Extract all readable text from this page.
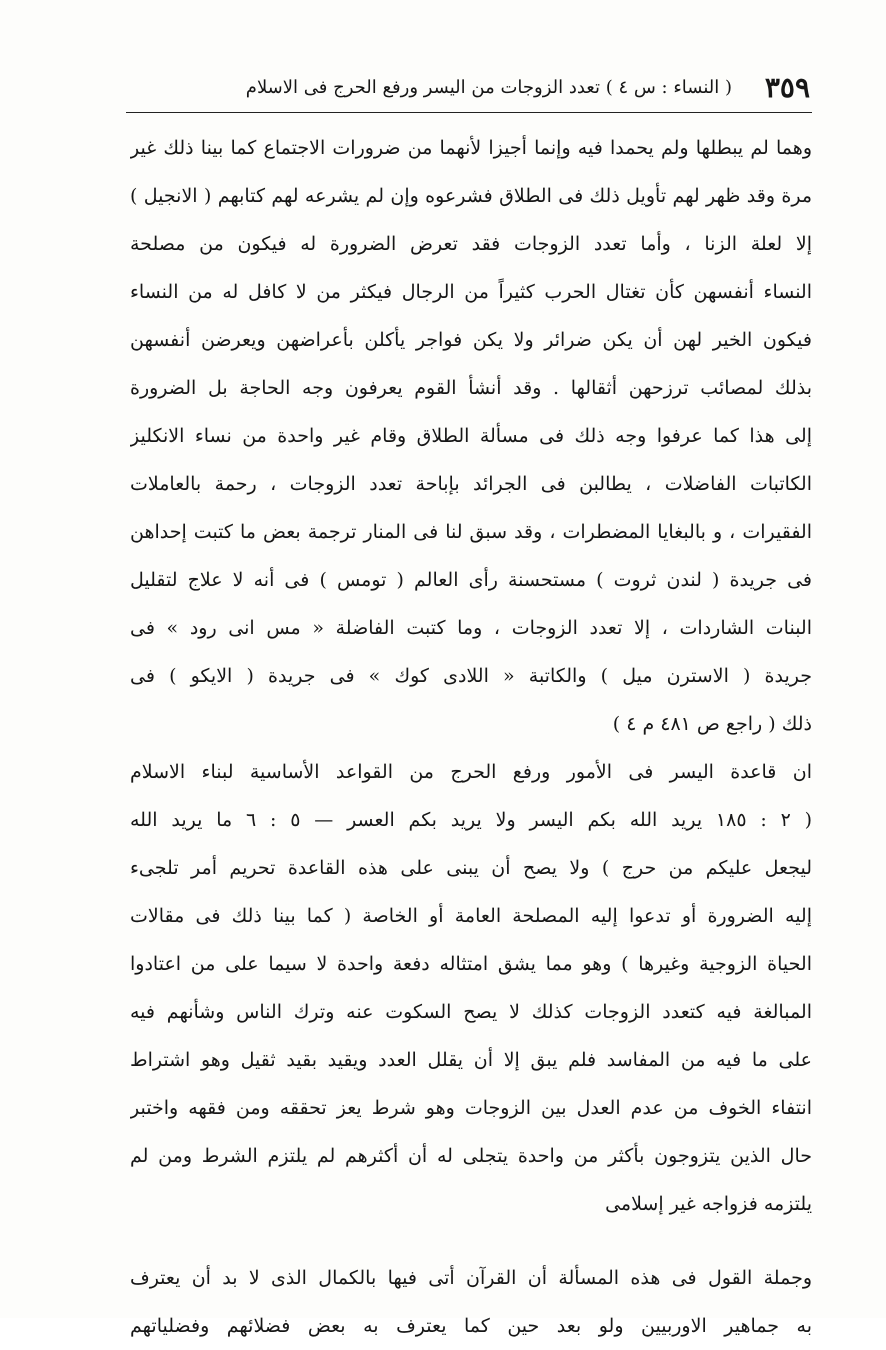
٣٥٩
( النساء : س ٤ ) تعدد الزوجات من اليسر ورفع الحرج فى الاسلام
وهما لم يبطلها ولم يحمدا فيه وإنما أجيزا لأنهما من ضرورات الاجتماع كما بينا ذلك غير
مرة وقد ظهر لهم تأويل ذلك فى الطلاق فشرعوه وإن لم يشرعه لهم كتابهم ( الانجيل )
إلا لعلة الزنا ، وأما تعدد الزوجات فقد تعرض الضرورة له فيكون من مصلحة
النساء أنفسهن كأن تغتال الحرب كثيراً من الرجال فيكثر من لا كافل له من النساء
فيكون الخير لهن أن يكن ضرائر ولا يكن فواجر يأكلن بأعراضهن ويعرضن أنفسهن
بذلك لمصائب ترزحهن أثقالها . وقد أنشأ القوم يعرفون وجه الحاجة بل الضرورة
إلى هذا كما عرفوا وجه ذلك فى مسألة الطلاق وقام غير واحدة من نساء الانكليز
الكاتبات الفاضلات ، يطالبن فى الجرائد بإباحة تعدد الزوجات ، رحمة بالعاملات
الفقيرات ، و بالبغايا المضطرات ، وقد سبق لنا فى المنار ترجمة بعض ما كتبت إحداهن
فى جريدة ( لندن ثروت ) مستحسنة رأى العالم ( تومس ) فى أنه لا علاج لتقليل
البنات الشاردات ، إلا تعدد الزوجات ، وما كتبت الفاضلة « مس انى رود » فى
جريدة ( الاسترن ميل ) والكاتبة « اللادى كوك » فى جريدة ( الايكو ) فى
ذلك ( راجع ص ٤٨١ م ٤ )
ان قاعدة اليسر فى الأمور ورفع الحرج من القواعد الأساسية لبناء الاسلام
( ٢ : ١٨٥ يريد الله بكم اليسر ولا يريد بكم العسر — ٥ : ٦ ما يريد الله
ليجعل عليكم من حرج ) ولا يصح أن يبنى على هذه القاعدة تحريم أمر تلجىء
إليه الضرورة أو تدعوا إليه المصلحة العامة أو الخاصة ( كما بينا ذلك فى مقالات
الحياة الزوجية وغيرها ) وهو مما يشق امتثاله دفعة واحدة لا سيما على من اعتادوا
المبالغة فيه كتعدد الزوجات كذلك لا يصح السكوت عنه وترك الناس وشأنهم فيه
على ما فيه من المفاسد فلم يبق إلا أن يقلل العدد ويقيد بقيد ثقيل وهو اشتراط
انتفاء الخوف من عدم العدل بين الزوجات وهو شرط يعز تحققه ومن فقهه واختبر
حال الذين يتزوجون بأكثر من واحدة يتجلى له أن أكثرهم لم يلتزم الشرط ومن لم
يلتزمه فزواجه غير إسلامى
وجملة القول فى هذه المسألة أن القرآن أتى فيها بالكمال الذى لا بد أن يعترف
به جماهير الاوربيين ولو بعد حين كما يعترف به بعض فضلائهم وفضلياتهم
